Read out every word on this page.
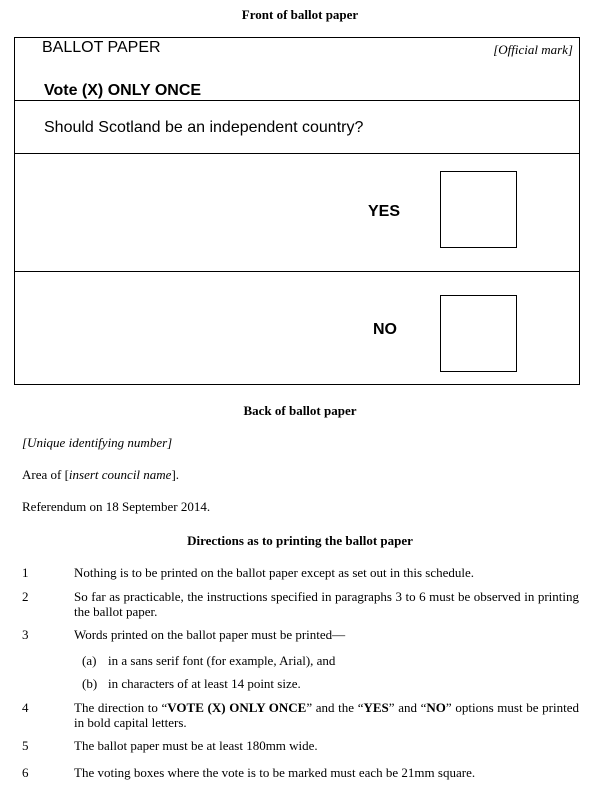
Front of ballot paper
BALLOT PAPER	[Official mark]
Vote (X) ONLY ONCE
Should Scotland be an independent country?
YES
NO
Back of ballot paper
[Unique identifying number]
Area of [insert council name].
Referendum on 18 September 2014.
Directions as to printing the ballot paper
1	Nothing is to be printed on the ballot paper except as set out in this schedule.
2	So far as practicable, the instructions specified in paragraphs 3 to 6 must be observed in printing the ballot paper.
3	Words printed on the ballot paper must be printed—
(a) in a sans serif font (for example, Arial), and
(b) in characters of at least 14 point size.
4	The direction to “VOTE (X) ONLY ONCE” and the “YES” and “NO” options must be printed in bold capital letters.
5	The ballot paper must be at least 180mm wide.
6	The voting boxes where the vote is to be marked must each be 21mm square.
